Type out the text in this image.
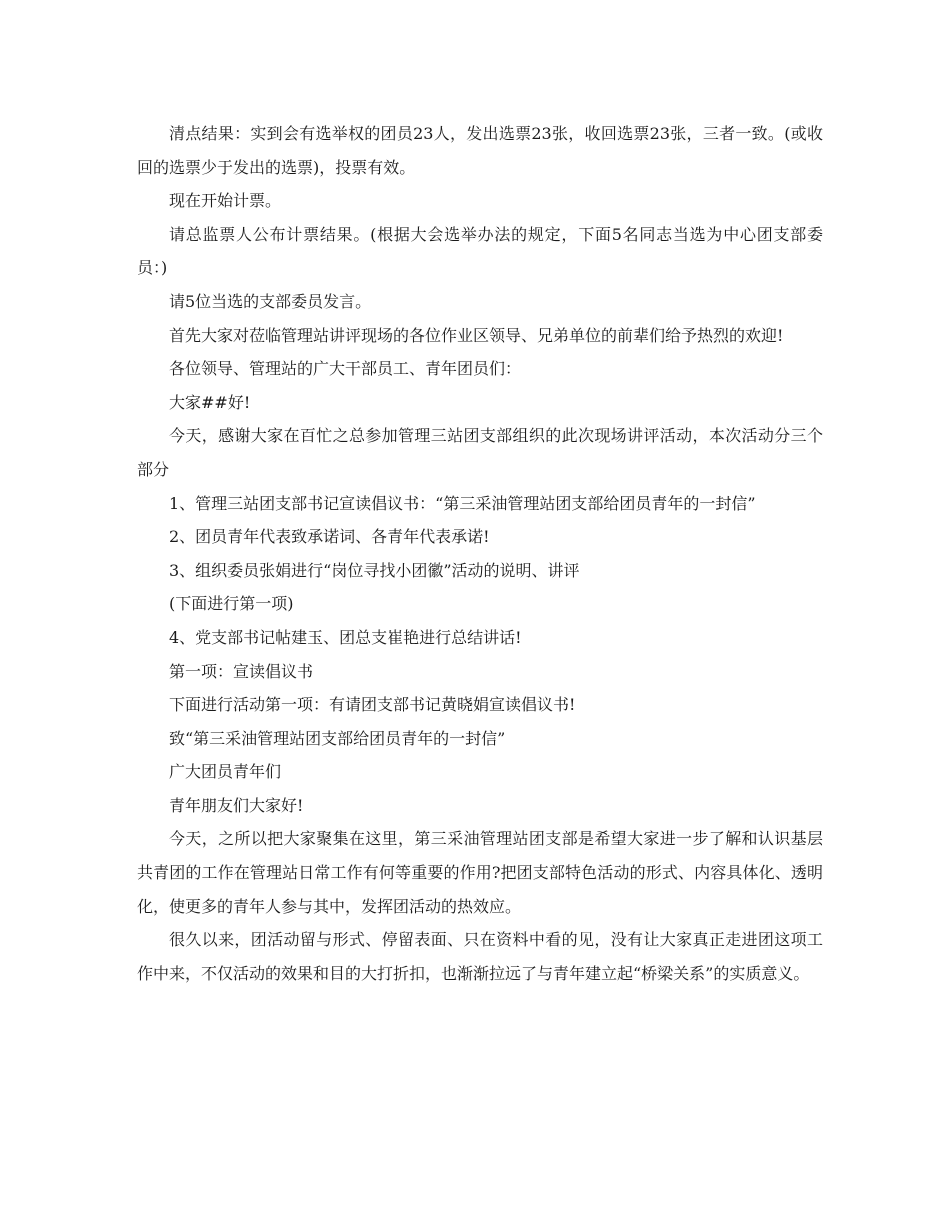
清点结果：实到会有选举权的团员23人，发出选票23张，收回选票23张，三者一致。(或收回的选票少于发出的选票)，投票有效。

现在开始计票。

请总监票人公布计票结果。(根据大会选举办法的规定，下面5名同志当选为中心团支部委员：)

请5位当选的支部委员发言。

首先大家对莅临管理站讲评现场的各位作业区领导、兄弟单位的前辈们给予热烈的欢迎!

各位领导、管理站的广大干部员工、青年团员们：

大家##好!

今天，感谢大家在百忙之总参加管理三站团支部组织的此次现场讲评活动，本次活动分三个部分

1、管理三站团支部书记宣读倡议书：“第三采油管理站团支部给团员青年的一封信”

2、团员青年代表致承诺词、各青年代表承诺!

3、组织委员张娟进行“岗位寻找小团徽”活动的说明、讲评

(下面进行第一项)

4、党支部书记帖建玉、团总支崔艳进行总结讲话!

第一项：宣读倡议书

下面进行活动第一项：有请团支部书记黄晓娟宣读倡议书!

致“第三采油管理站团支部给团员青年的一封信”

广大团员青年们

青年朋友们大家好!

今天，之所以把大家聚集在这里，第三采油管理站团支部是希望大家进一步了解和认识基层共青团的工作在管理站日常工作有何等重要的作用?把团支部特色活动的形式、内容具体化、透明化，使更多的青年人参与其中，发挥团活动的热效应。

很久以来，团活动留与形式、停留表面、只在资料中看的见，没有让大家真正走进团这项工作中来，不仅活动的效果和目的大打折扣，也渐渐拉远了与青年建立起“桥梁关系”的实质意义。
